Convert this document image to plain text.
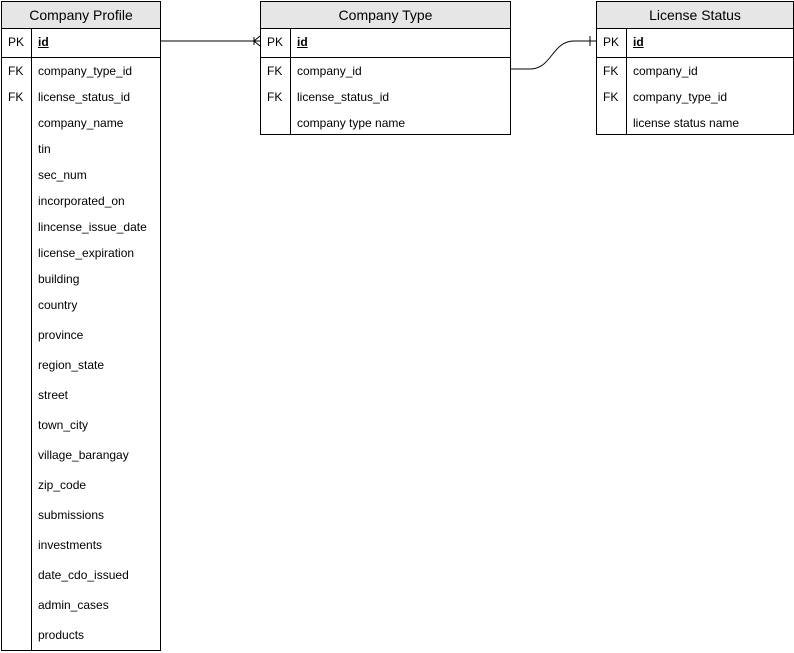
Company Profile
PK id
FK company_type_id
FK license_status_id
company_name
tin
sec_num
incorporated_on
lincense_issue_date
license_expiration
building
country
province
region_state
street
town_city
village_barangay
zip_code
submissions
investments
date_cdo_issued
admin_cases
products
Company Type
PK id
FK company_id
FK license_status_id
company type name
License Status
PK id
FK company_id
FK company_type_id
license status name
